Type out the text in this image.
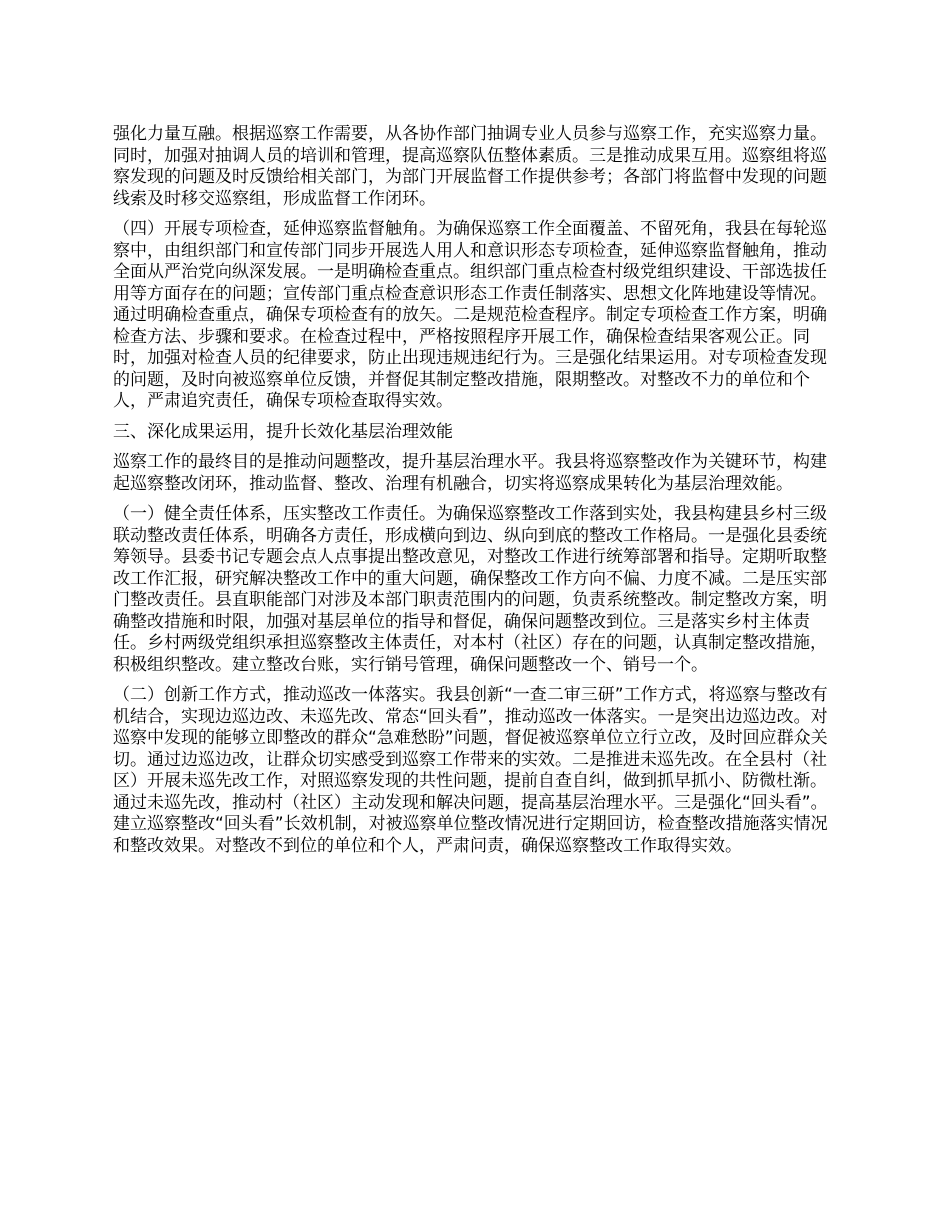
强化力量互融。根据巡察工作需要，从各协作部门抽调专业人员参与巡察工作，充实巡察力量。同时，加强对抽调人员的培训和管理，提高巡察队伍整体素质。三是推动成果互用。巡察组将巡察发现的问题及时反馈给相关部门，为部门开展监督工作提供参考；各部门将监督中发现的问题线索及时移交巡察组，形成监督工作闭环。

（四）开展专项检查，延伸巡察监督触角。为确保巡察工作全面覆盖、不留死角，我县在每轮巡察中，由组织部门和宣传部门同步开展选人用人和意识形态专项检查，延伸巡察监督触角，推动全面从严治党向纵深发展。一是明确检查重点。组织部门重点检查村级党组织建设、干部选拔任用等方面存在的问题；宣传部门重点检查意识形态工作责任制落实、思想文化阵地建设等情况。通过明确检查重点，确保专项检查有的放矢。二是规范检查程序。制定专项检查工作方案，明确检查方法、步骤和要求。在检查过程中，严格按照程序开展工作，确保检查结果客观公正。同时，加强对检查人员的纪律要求，防止出现违规违纪行为。三是强化结果运用。对专项检查发现的问题，及时向被巡察单位反馈，并督促其制定整改措施，限期整改。对整改不力的单位和个人，严肃追究责任，确保专项检查取得实效。

三、深化成果运用，提升长效化基层治理效能

巡察工作的最终目的是推动问题整改，提升基层治理水平。我县将巡察整改作为关键环节，构建起巡察整改闭环，推动监督、整改、治理有机融合，切实将巡察成果转化为基层治理效能。

（一）健全责任体系，压实整改工作责任。为确保巡察整改工作落到实处，我县构建县乡村三级联动整改责任体系，明确各方责任，形成横向到边、纵向到底的整改工作格局。一是强化县委统筹领导。县委书记专题会点人点事提出整改意见，对整改工作进行统筹部署和指导。定期听取整改工作汇报，研究解决整改工作中的重大问题，确保整改工作方向不偏、力度不减。二是压实部门整改责任。县直职能部门对涉及本部门职责范围内的问题，负责系统整改。制定整改方案，明确整改措施和时限，加强对基层单位的指导和督促，确保问题整改到位。三是落实乡村主体责任。乡村两级党组织承担巡察整改主体责任，对本村（社区）存在的问题，认真制定整改措施，积极组织整改。建立整改台账，实行销号管理，确保问题整改一个、销号一个。

（二）创新工作方式，推动巡改一体落实。我县创新“一查二审三研”工作方式，将巡察与整改有机结合，实现边巡边改、未巡先改、常态“回头看”，推动巡改一体落实。一是突出边巡边改。对巡察中发现的能够立即整改的群众“急难愁盼”问题，督促被巡察单位立行立改，及时回应群众关切。通过边巡边改，让群众切实感受到巡察工作带来的实效。二是推进未巡先改。在全县村（社区）开展未巡先改工作，对照巡察发现的共性问题，提前自查自纠，做到抓早抓小、防微杜渐。通过未巡先改，推动村（社区）主动发现和解决问题，提高基层治理水平。三是强化“回头看”。建立巡察整改“回头看”长效机制，对被巡察单位整改情况进行定期回访，检查整改措施落实情况和整改效果。对整改不到位的单位和个人，严肃问责，确保巡察整改工作取得实效。
